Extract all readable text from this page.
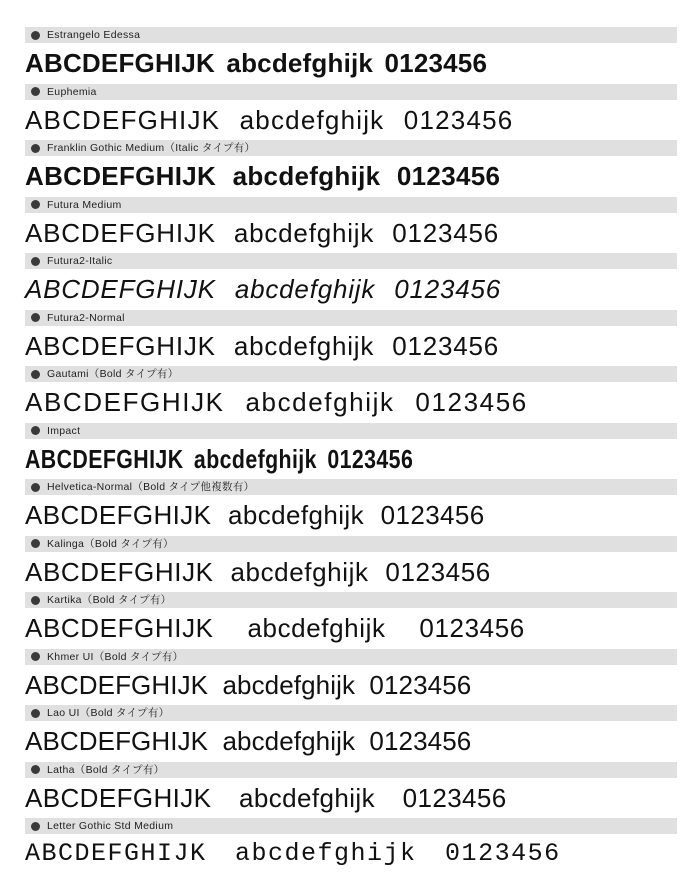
Estrangelo Edessa
ABCDEFGHIJK abcdefghijk 0123456
Euphemia
ABCDEFGHIJK abcdefghijk 0123456
Franklin Gothic Medium（Italic タイプ有）
ABCDEFGHIJK abcdefghijk 0123456
Futura Medium
ABCDEFGHIJK abcdefghijk 0123456
Futura2-Italic
ABCDEFGHIJK abcdefghijk 0123456
Futura2-Normal
ABCDEFGHIJK abcdefghijk 0123456
Gautami（Bold タイプ有）
ABCDEFGHIJK abcdefghijk 0123456
Impact
ABCDEFGHIJK abcdefghijk 0123456
Helvetica-Normal（Bold タイプ他複数有）
ABCDEFGHIJK abcdefghijk 0123456
Kalinga（Bold タイプ有）
ABCDEFGHIJK abcdefghijk 0123456
Kartika（Bold タイプ有）
ABCDEFGHIJK abcdefghijk 0123456
Khmer UI（Bold タイプ有）
ABCDEFGHIJK abcdefghijk 0123456
Lao UI（Bold タイプ有）
ABCDEFGHIJK abcdefghijk 0123456
Latha（Bold タイプ有）
ABCDEFGHIJK abcdefghijk 0123456
Letter Gothic Std Medium
ABCDEFGHIJK abcdefghijk 0123456
